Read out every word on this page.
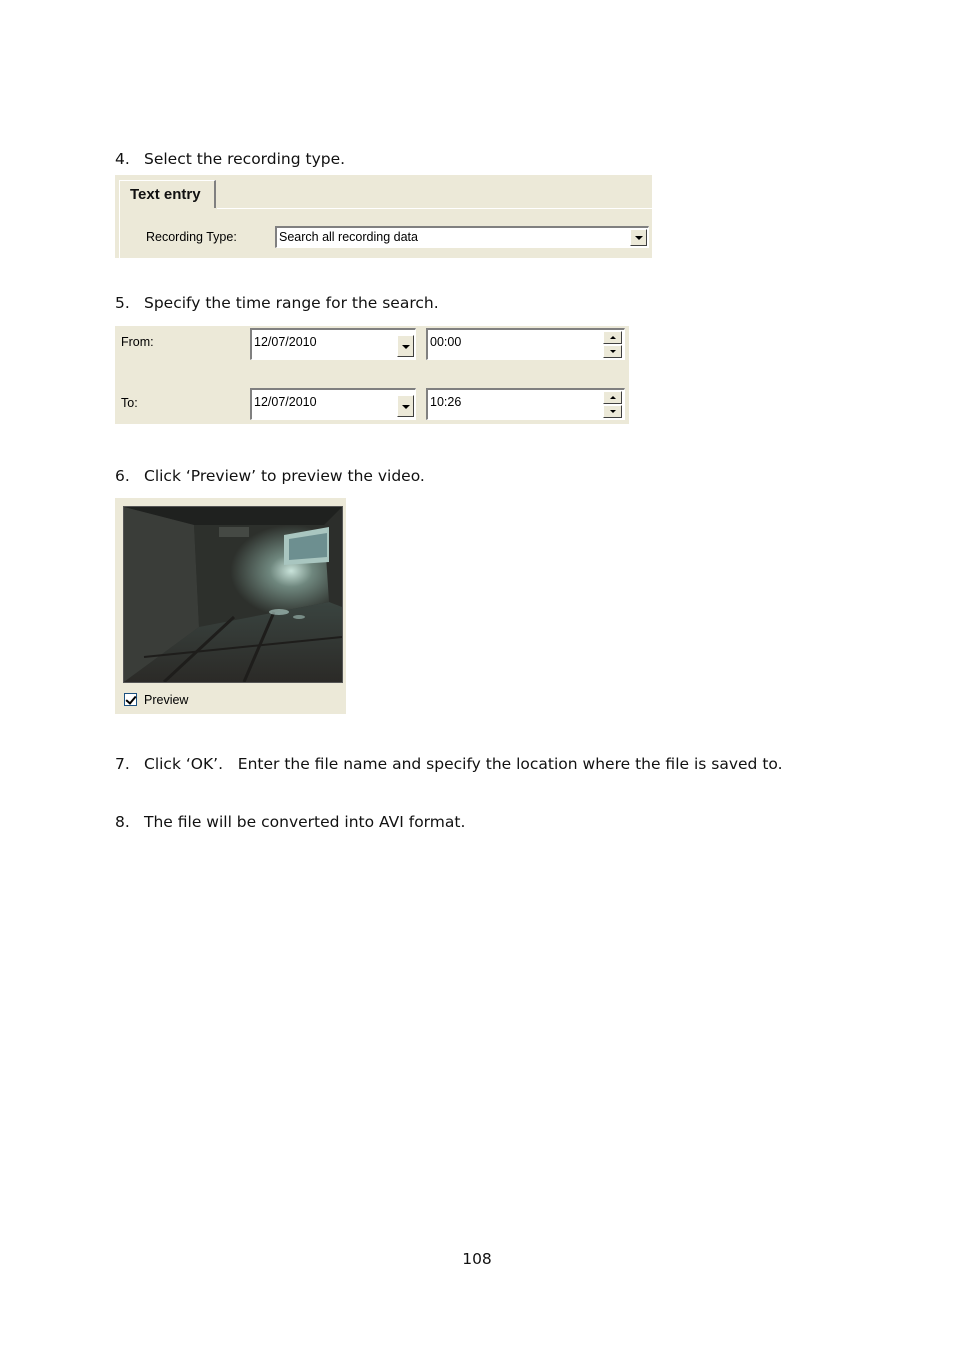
4. Select the recording type.
Text entry
Recording Type:	Search all recording data
5. Specify the time range for the search.
From:	12/07/2010	00:00
To:	12/07/2010	10:26
6. Click ‘Preview’ to preview the video.
Preview
7. Click ‘OK’.   Enter the file name and specify the location where the file is saved to.
8. The file will be converted into AVI format.
108
